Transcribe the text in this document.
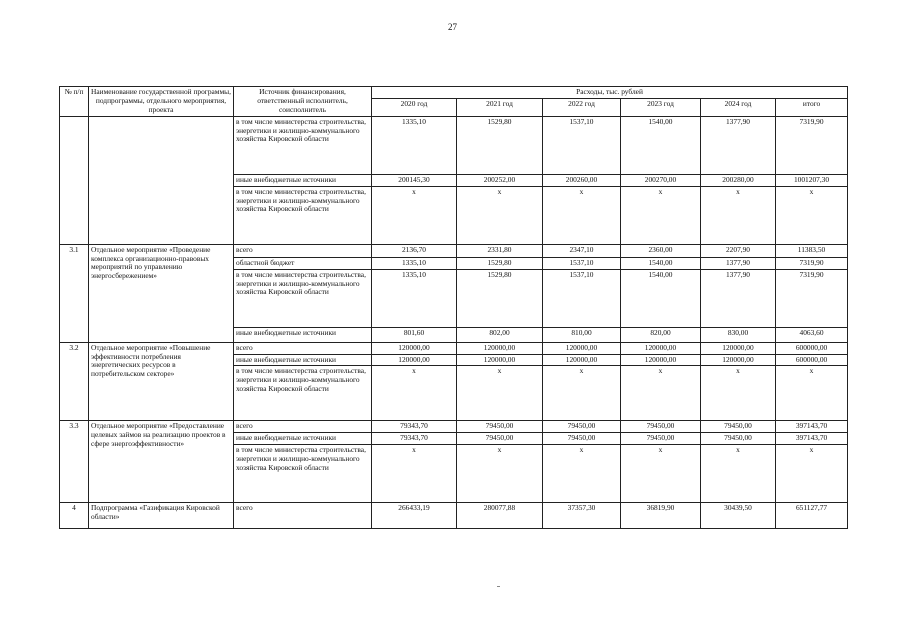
27
№ п/п	Наименование государственной программы, подпрограммы, отдельного мероприятия, проекта	Источник финансирования, ответственный исполнитель, соисполнитель	Расходы, тыс. рублей					
			2020 год	2021 год	2022 год	2023 год	2024 год	итого
		в том числе министерства строительства, энергетики и жилищно-коммунального хозяйства Кировской области	1335,10	1529,80	1537,10	1540,00	1377,90	7319,90
		иные внебюджетные источники	200145,30	200252,00	200260,00	200270,00	200280,00	1001207,30
		в том числе министерства строительства, энергетики и жилищно-коммунального хозяйства Кировской области	х	х	х	х	х	х
3.1	Отдельное мероприятие «Проведение комплекса организационно-правовых мероприятий по управлению энергосбережением»	всего	2136,70	2331,80	2347,10	2360,00	2207,90	11383,50
		областной бюджет	1335,10	1529,80	1537,10	1540,00	1377,90	7319,90
		в том числе министерства строительства, энергетики и жилищно-коммунального хозяйства Кировской области	1335,10	1529,80	1537,10	1540,00	1377,90	7319,90
		иные внебюджетные источники	801,60	802,00	810,00	820,00	830,00	4063,60
3.2	Отдельное мероприятие «Повышение эффективности потребления энергетических ресурсов в потребительском секторе»	всего	120000,00	120000,00	120000,00	120000,00	120000,00	600000,00
		иные внебюджетные источники	120000,00	120000,00	120000,00	120000,00	120000,00	600000,00
		в том числе министерства строительства, энергетики и жилищно-коммунального хозяйства Кировской области	х	х	х	х	х	х
3.3	Отдельное мероприятие «Предоставление целевых займов на реализацию проектов в сфере энергоэффективности»	всего	79343,70	79450,00	79450,00	79450,00	79450,00	397143,70
		иные внебюджетные источники	79343,70	79450,00	79450,00	79450,00	79450,00	397143,70
		в том числе министерства строительства, энергетики и жилищно-коммунального хозяйства Кировской области	х	х	х	х	х	х
4	Подпрограмма «Газификация Кировской области»	всего	266433,19	280077,88	37357,30	36819,90	30439,50	651127,77
